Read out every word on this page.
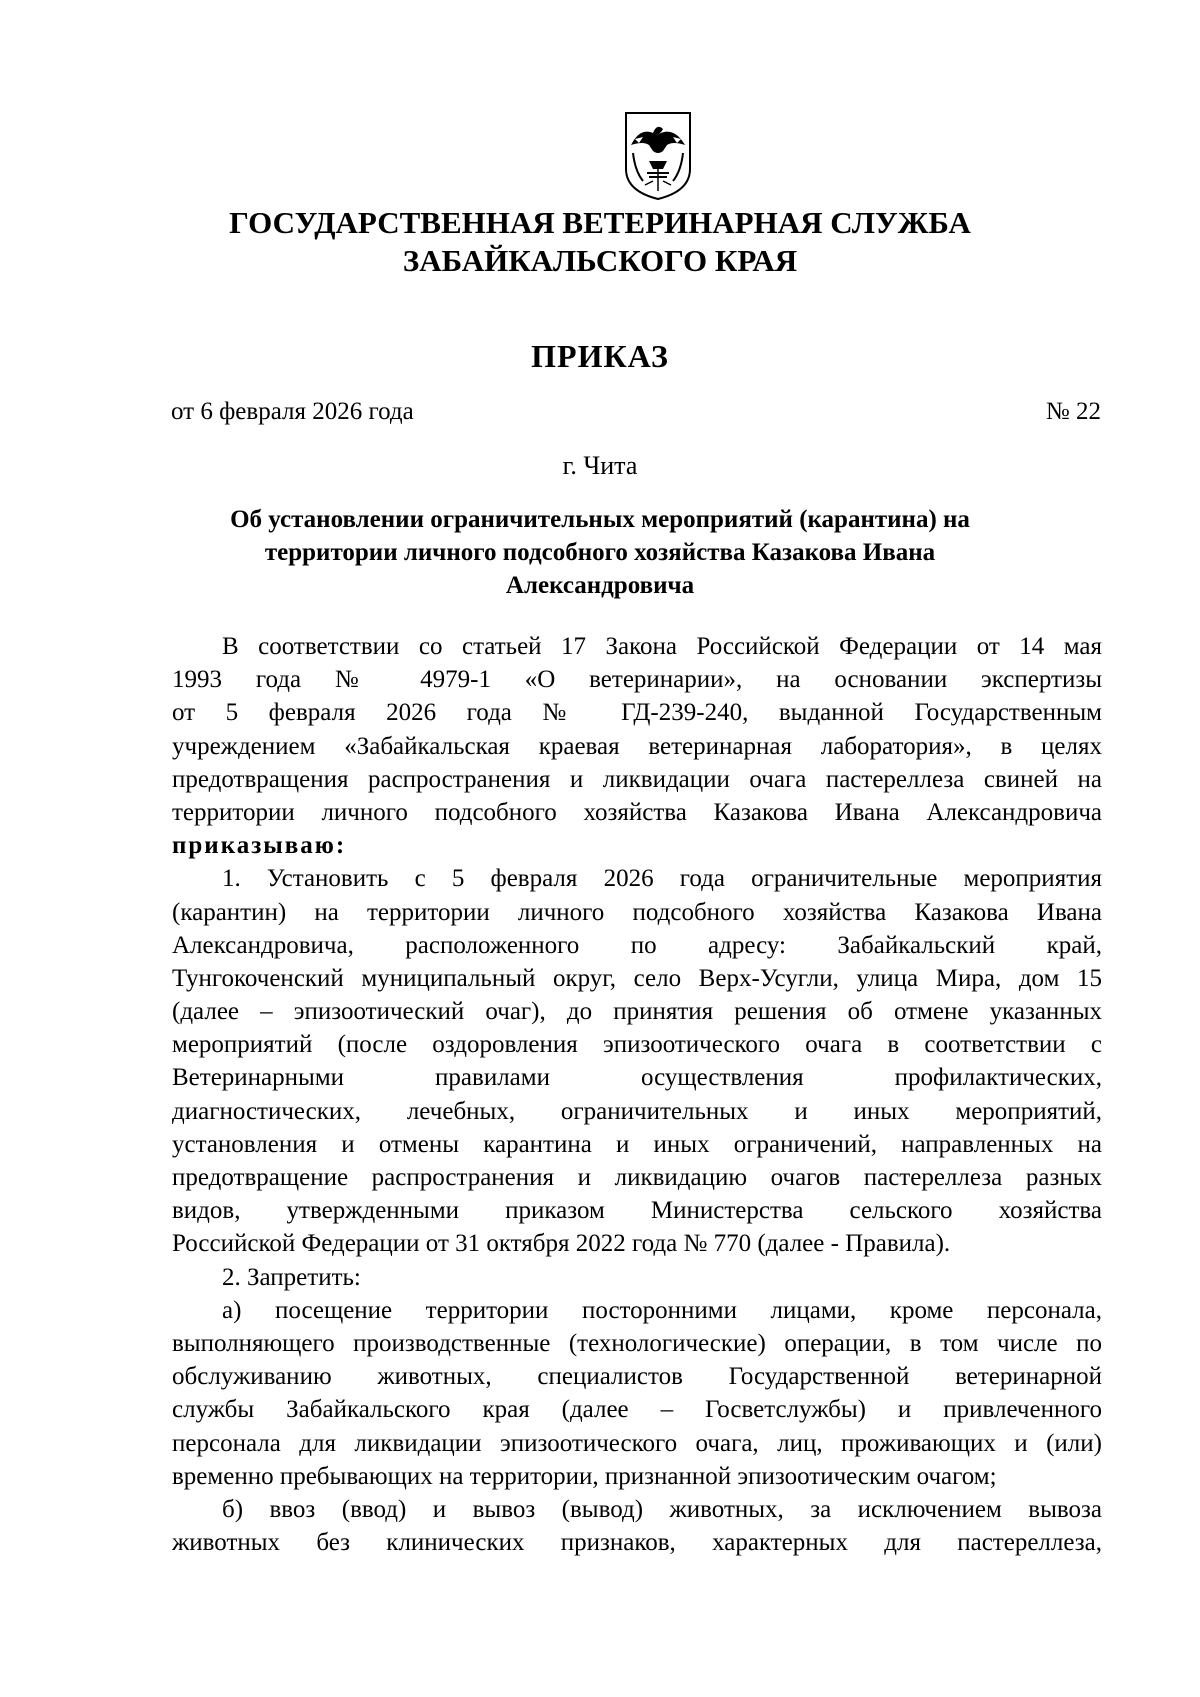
ГОСУДАРСТВЕННАЯ ВЕТЕРИНАРНАЯ СЛУЖБА
ЗАБАЙКАЛЬСКОГО КРАЯ
ПРИКАЗ
от 6 февраля 2026 года	№ 22
г. Чита
Об установлении ограничительных мероприятий (карантина) на
территории личного подсобного хозяйства Казакова Ивана
Александровича
В соответствии со статьей 17 Закона Российской Федерации от 14 мая
1993 года № 4979-1 «О ветеринарии», на основании экспертизы
от 5 февраля 2026 года № ГД-239-240, выданной Государственным
учреждением «Забайкальская краевая ветеринарная лаборатория», в целях
предотвращения распространения и ликвидации очага пастереллеза свиней на
территории личного подсобного хозяйства Казакова Ивана Александровича
приказываю:
1. Установить с 5 февраля 2026 года ограничительные мероприятия
(карантин) на территории личного подсобного хозяйства Казакова Ивана
Александровича, расположенного по адресу: Забайкальский край,
Тунгокоченский муниципальный округ, село Верх-Усугли, улица Мира, дом 15
(далее – эпизоотический очаг), до принятия решения об отмене указанных
мероприятий (после оздоровления эпизоотического очага в соответствии с
Ветеринарными правилами осуществления профилактических,
диагностических, лечебных, ограничительных и иных мероприятий,
установления и отмены карантина и иных ограничений, направленных на
предотвращение распространения и ликвидацию очагов пастереллеза разных
видов, утвержденными приказом Министерства сельского хозяйства
Российской Федерации от 31 октября 2022 года № 770 (далее - Правила).
2. Запретить:
а) посещение территории посторонними лицами, кроме персонала,
выполняющего производственные (технологические) операции, в том числе по
обслуживанию животных, специалистов Государственной ветеринарной
службы Забайкальского края (далее – Госветслужбы) и привлеченного
персонала для ликвидации эпизоотического очага, лиц, проживающих и (или)
временно пребывающих на территории, признанной эпизоотическим очагом;
б) ввоз (ввод) и вывоз (вывод) животных, за исключением вывоза
животных без клинических признаков, характерных для пастереллеза,
